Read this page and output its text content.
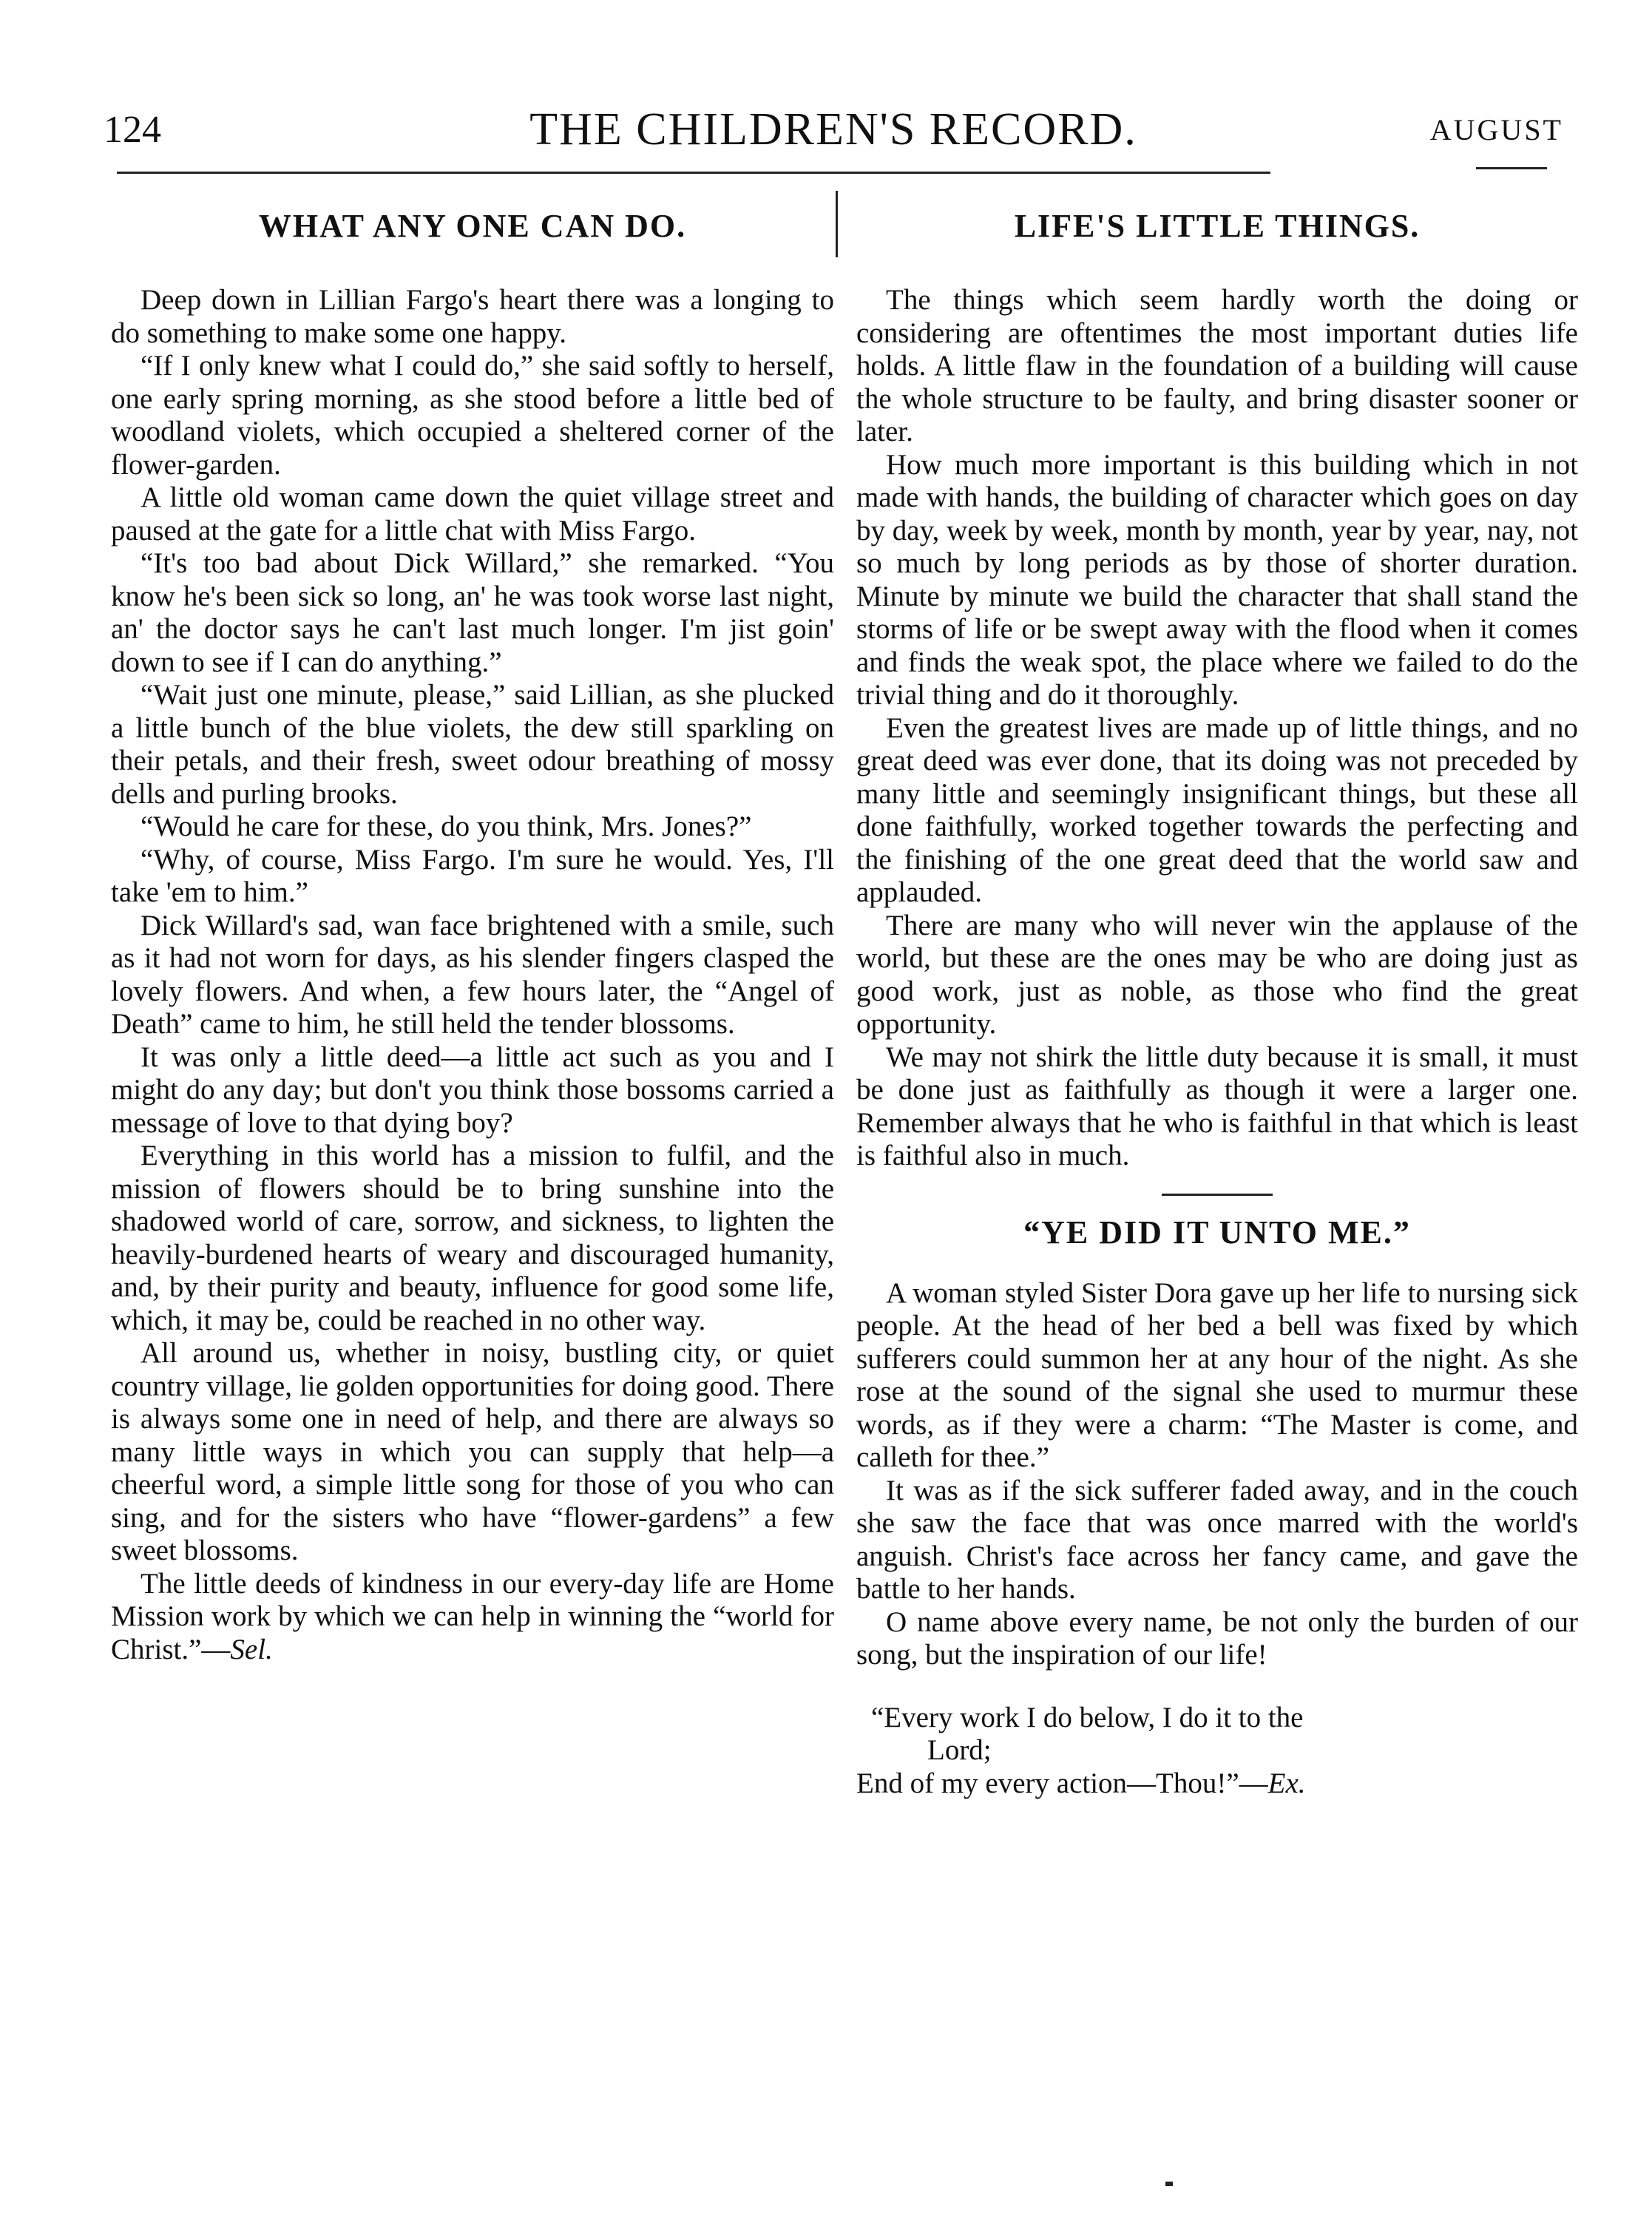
124	THE CHILDREN'S RECORD.	AUGUST
WHAT ANY ONE CAN DO.

Deep down in Lillian Fargo's heart there was a longing to do something to make some one happy.

“If I only knew what I could do,” she said softly to herself, one early spring morning, as she stood before a little bed of woodland violets, which occupied a sheltered corner of the flower-garden.

A little old woman came down the quiet village street and paused at the gate for a little chat with Miss Fargo.

“It's too bad about Dick Willard,” she remarked. “You know he's been sick so long, an' he was took worse last night, an' the doctor says he can't last much longer. I'm jist goin' down to see if I can do anything.”

“Wait just one minute, please,” said Lillian, as she plucked a little bunch of the blue violets, the dew still sparkling on their petals, and their fresh, sweet odour breathing of mossy dells and purling brooks.

“Would he care for these, do you think, Mrs. Jones?”

“Why, of course, Miss Fargo. I'm sure he would. Yes, I'll take 'em to him.”

Dick Willard's sad, wan face brightened with a smile, such as it had not worn for days, as his slender fingers clasped the lovely flowers. And when, a few hours later, the “Angel of Death” came to him, he still held the tender blossoms.

It was only a little deed—a little act such as you and I might do any day; but don't you think those bossoms carried a message of love to that dying boy?

Everything in this world has a mission to fulfil, and the mission of flowers should be to bring sunshine into the shadowed world of care, sorrow, and sickness, to lighten the heavily-burdened hearts of weary and discouraged humanity, and, by their purity and beauty, influence for good some life, which, it may be, could be reached in no other way.

All around us, whether in noisy, bustling city, or quiet country village, lie golden opportunities for doing good. There is always some one in need of help, and there are always so many little ways in which you can supply that help—a cheerful word, a simple little song for those of you who can sing, and for the sisters who have “flower-gardens” a few sweet blossoms.

The little deeds of kindness in our every-day life are Home Mission work by which we can help in winning the “world for Christ.”—Sel.

LIFE'S LITTLE THINGS.

The things which seem hardly worth the doing or considering are oftentimes the most important duties life holds. A little flaw in the foundation of a building will cause the whole structure to be faulty, and bring disaster sooner or later.

How much more important is this building which in not made with hands, the building of character which goes on day by day, week by week, month by month, year by year, nay, not so much by long periods as by those of shorter duration. Minute by minute we build the character that shall stand the storms of life or be swept away with the flood when it comes and finds the weak spot, the place where we failed to do the trivial thing and do it thoroughly.

Even the greatest lives are made up of little things, and no great deed was ever done, that its doing was not preceded by many little and seemingly insignificant things, but these all done faithfully, worked together towards the perfecting and the finishing of the one great deed that the world saw and applauded.

There are many who will never win the applause of the world, but these are the ones may be who are doing just as good work, just as noble, as those who find the great opportunity.

We may not shirk the little duty because it is small, it must be done just as faithfully as though it were a larger one. Remember always that he who is faithful in that which is least is faithful also in much.

“YE DID IT UNTO ME.”

A woman styled Sister Dora gave up her life to nursing sick people. At the head of her bed a bell was fixed by which sufferers could summon her at any hour of the night. As she rose at the sound of the signal she used to murmur these words, as if they were a charm: “The Master is come, and calleth for thee.”

It was as if the sick sufferer faded away, and in the couch she saw the face that was once marred with the world's anguish. Christ's face across her fancy came, and gave the battle to her hands.

O name above every name, be not only the burden of our song, but the inspiration of our life!

“Every work I do below, I do it to the

Lord;

End of my every action—Thou!”—Ex.
